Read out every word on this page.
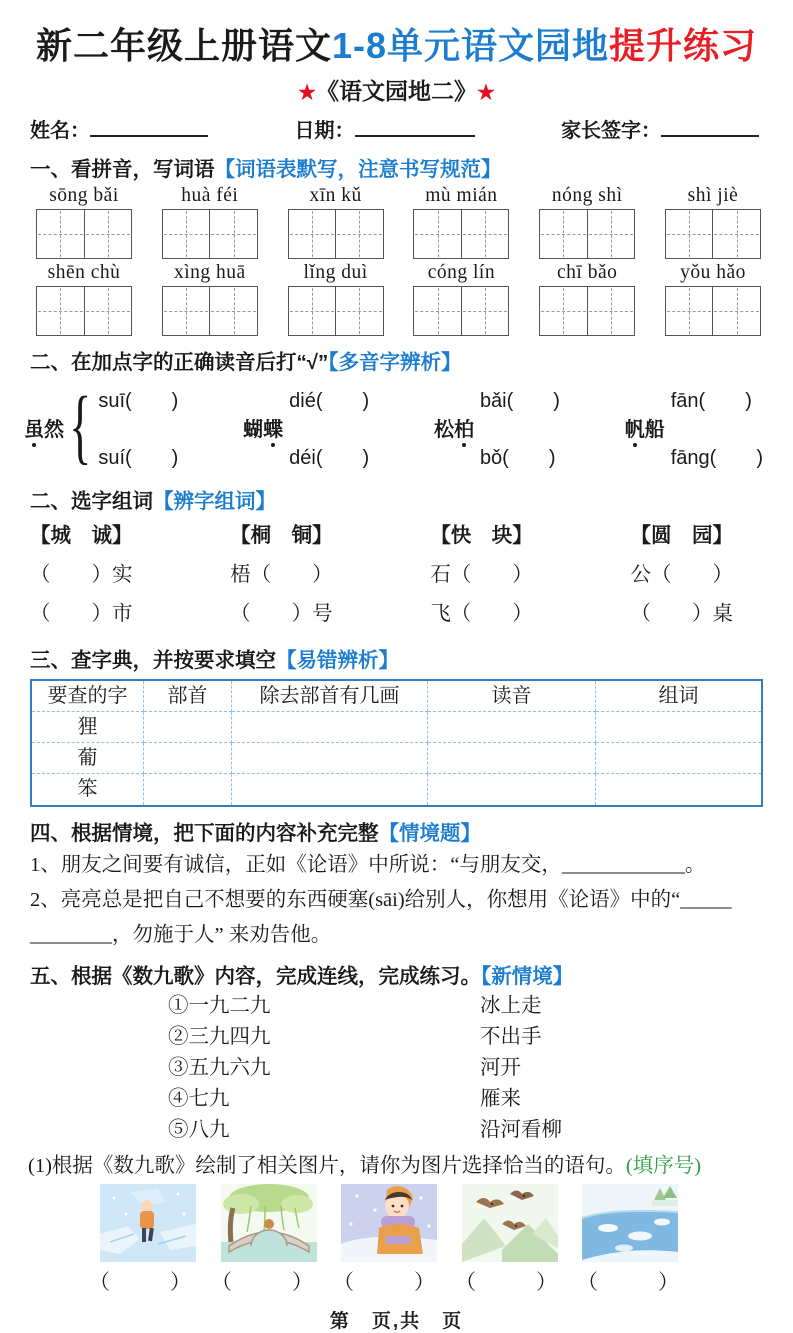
新二年级上册语文1-8单元语文园地提升练习
★《语文园地二》★
姓名：	日期：	家长签字：
一、看拼音，写词语【词语表默写，注意书写规范】
sōng bǎi	huà féi	xīn kǔ	mù mián	nóng shì	shì jiè
shēn chù	xìng huā	lǐng duì	cóng lín	chī bǎo	yǒu hǎo
二、在加点字的正确读音后打“√”【多音字辨析】
虽然 { suī(　　)
suí(　　)
蝴蝶
dié(　　)
déi(　　)
松柏
bǎi(　　)
bǒ(　　)
帆船
fān(　　)
fāng(　　)
二、选字组词【辨字组词】
【城　诚】
（　　）实
（　　）市
【桐　铜】
梧（　　）
（　　）号
【快　块】
石（　　）
飞（　　）
【圆　园】
公（　　）
（　　）桌
三、查字典，并按要求填空【易错辨析】
要查的字	部首	除去部首有几画	读音	组词
狸
葡
笨
四、根据情境，把下面的内容补充完整【情境题】
1、朋友之间要有诚信，正如《论语》中所说：“与朋友交，____________。
2、亮亮总是把自己不想要的东西硬塞(sāi)给别人，你想用《论语》中的“_____
________，勿施于人” 来劝告他。
五、根据《数九歌》内容，完成连线，完成练习。【新情境】
①一九二九	冰上走
②三九四九	不出手
③五九六九	河开
④七九	雁来
⑤八九	沿河看柳
(1)根据《数九歌》绘制了相关图片，请你为图片选择恰当的语句。(填序号)
（　　） （　　） （　　） （　　） （　　）
第　页,共　页
